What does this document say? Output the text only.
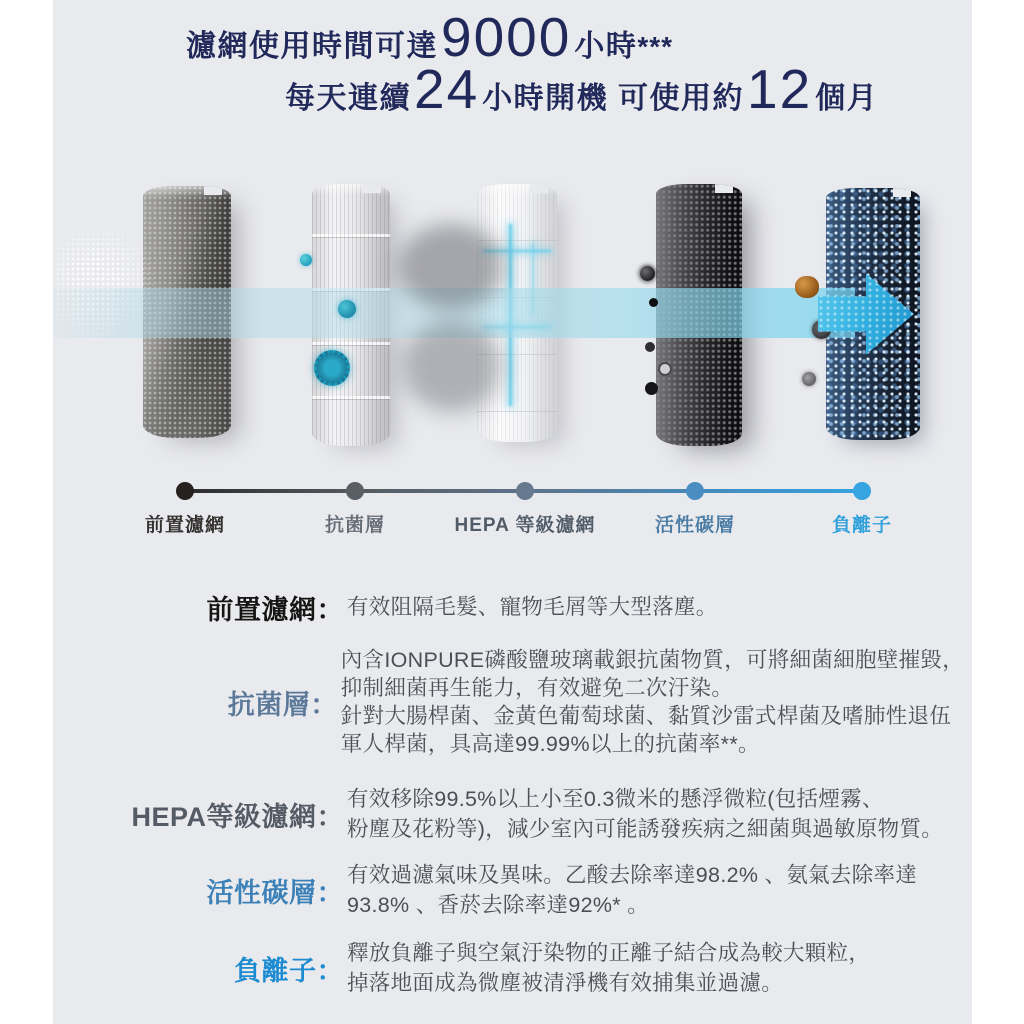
濾網使用時間可達 9000 小時 ***
每天連續 24 小時開機 可使用約 12 個月
前置濾網	抗菌層	HEPA 等級濾網	活性碳層	負離子
前置濾網： 有效阻隔毛髮、寵物毛屑等大型落塵。
抗菌層：
內含IONPURE磷酸鹽玻璃載銀抗菌物質，可將細菌細胞壁摧毀，
抑制細菌再生能力，有效避免二次汙染。
針對大腸桿菌、金黃色葡萄球菌、黏質沙雷式桿菌及嗜肺性退伍
軍人桿菌，具高達99.99%以上的抗菌率**。
HEPA等級濾網：
有效移除99.5%以上小至0.3微米的懸浮微粒(包括煙霧、
粉塵及花粉等)，減少室內可能誘發疾病之細菌與過敏原物質。
活性碳層：
有效過濾氣味及異味。乙酸去除率達98.2% 、氨氣去除率達
93.8% 、香菸去除率達92%* 。
負離子：
釋放負離子與空氣汙染物的正離子結合成為較大顆粒，
掉落地面成為微塵被清淨機有效捕集並過濾。
